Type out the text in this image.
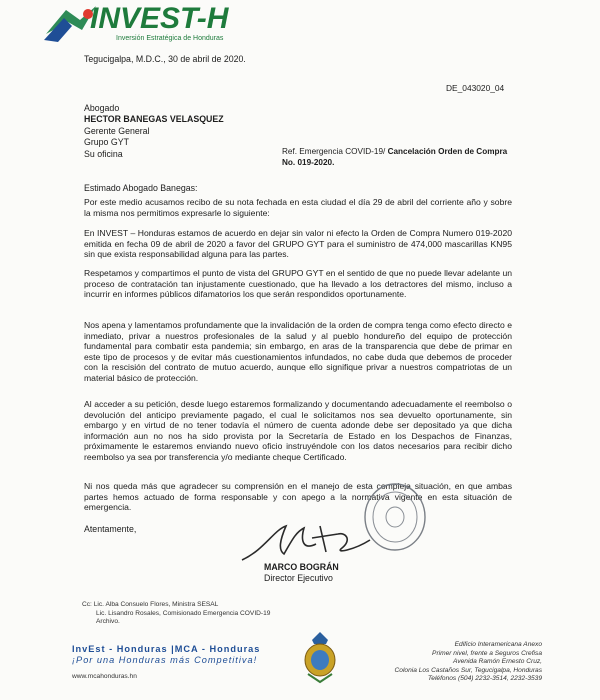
INVEST-H
Inversión Estratégica de Honduras
Tegucigalpa, M.D.C., 30 de abril de 2020.
DE_043020_04
Abogado
HECTOR BANEGAS VELASQUEZ
Gerente General
Grupo GYT
Su oficina	Ref. Emergencia COVID-19/ Cancelación Orden de Compra No. 019-2020.
Estimado Abogado Banegas:
Por este medio acusamos recibo de su nota fechada en esta ciudad el día 29 de abril del corriente año y sobre la misma nos permitimos expresarle lo siguiente:
En INVEST – Honduras estamos de acuerdo en dejar sin valor ni efecto la Orden de Compra Numero 019-2020 emitida en fecha 09 de abril de 2020 a favor del GRUPO GYT para el suministro de 474,000 mascarillas KN95 sin que exista responsabilidad alguna para las partes.
Respetamos y compartimos el punto de vista del GRUPO GYT en el sentido de que no puede llevar adelante un proceso de contratación tan injustamente cuestionado, que ha llevado a los detractores del mismo, incluso a incurrir en informes públicos difamatorios los que serán respondidos oportunamente.
Nos apena y lamentamos profundamente que la invalidación de la orden de compra tenga como efecto directo e inmediato, privar a nuestros profesionales de la salud y al pueblo hondureño del equipo de protección fundamental para combatir esta pandemia; sin embargo, en aras de la transparencia que debe de primar en este tipo de procesos y de evitar más cuestionamientos infundados, no cabe duda que debemos de proceder con la rescisión del contrato de mutuo acuerdo, aunque ello signifique privar a nuestros compatriotas de un material básico de protección.
Al acceder a su petición, desde luego estaremos formalizando y documentando adecuadamente el reembolso o devolución del anticipo previamente pagado, el cual le solicitamos nos sea devuelto oportunamente, sin embargo y en virtud de no tener todavía el número de cuenta adonde debe ser depositado ya que dicha información aun no nos ha sido provista por la Secretaría de Estado en los Despachos de Finanzas, próximamente le estaremos enviando nuevo oficio instruyéndole con los datos necesarios para recibir dicho reembolso ya sea por transferencia y/o mediante cheque Certificado.
Ni nos queda más que agradecer su comprensión en el manejo de esta compleja situación, en que ambas partes hemos actuado de forma responsable y con apego a la normativa vigente en esta situación de emergencia.
Atentamente,
MARCO BOGRÁN
Director Ejecutivo
Cc: Lic. Alba Consuelo Flores, Ministra SESAL
Lic. Lisandro Rosales, Comisionado Emergencia COVID-19
Archivo.
InvEst - Honduras |MCA - Honduras
¡Por una Honduras más Competitiva!
www.mcahonduras.hn
Edificio Interamericana Anexo
Primer nivel, frente a Seguros Crefisa
Avenida Ramón Ernesto Cruz,
Colonia Los Castaños Sur, Tegucigalpa, Honduras
Teléfonos (504) 2232-3514, 2232-3539
